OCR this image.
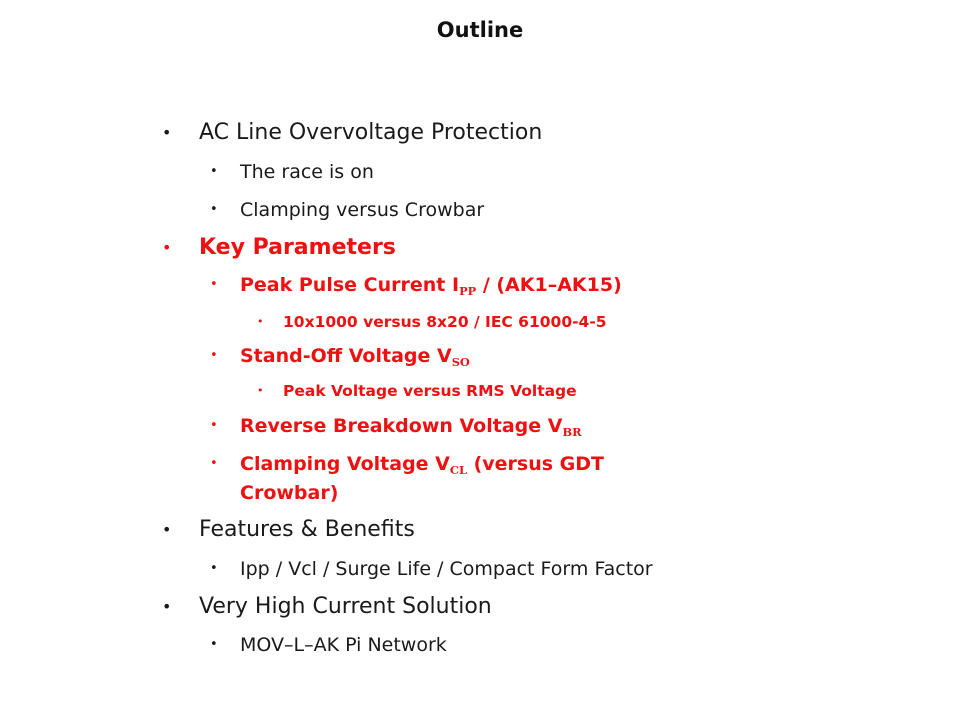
Outline
• AC Line Overvoltage Protection
• The race is on
• Clamping versus Crowbar
• Key Parameters
• Peak Pulse Current $I_{PP} / (AK1-AK15)$
• 10x1000 versus 8x20 / IEC 61000-4-5
• Stand-Off Voltage $V_{SO}$
• Peak Voltage versus RMS Voltage
• Reverse Breakdown Voltage $V_{BR}$
• Clamping Voltage $V_{CL}$ (versus GDT
Crowbar)
• Features & Benefits
• Ipp / Vcl / Surge Life / Compact Form Factor
• Very High Current Solution
• MOV–L–AK Pi Network
